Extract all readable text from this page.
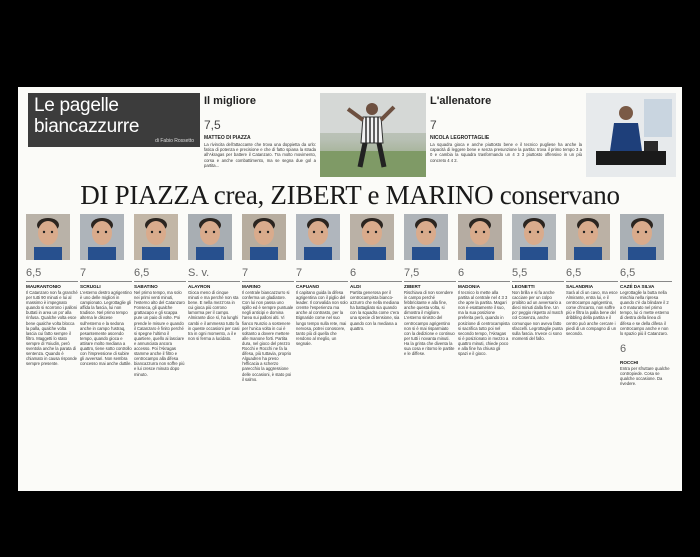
Le pagelle biancazzurre
di Fabio Rossetto
Il migliore
7,5
MATTEO DI PIAZZA
La rivincita dell'attaccante che trova una doppietta da urlo: fatica di potenza e precisione e che di fatto spiana la strada all'Akragas per battere il Catanzaro. Tra molto movimento, corsa e anche combattimento, ma se segna due gol a partita...
L'allenatore
7
NICOLA LEGROTTAGLIE
La squadra gioca e anche piuttosto bene e il tecnico pugliese ha anche la capacità di leggere bene e senza presunzione la partita: trova il primo tempo 3 a 0 e cambia la squadra trasformando un 4 3 3 piuttosto offensivo in un più concreto 4 4 2.
DI PIAZZA crea, ZIBERT e MARINO conservano
6,5
MAURANTONIO
Il Catanzaro non fa granché per tutti 90 minuti e lui al massimo è impegnato quando si scorrono i palloni buttati in area un po' alla rinfusa. Qualche volta esce bene qualche volta blocca la palla, qualche volta lascia cui fatto sempre il filtro. Maggetti lo stato sempre di Yoiudin, però sventola anche la parata di sentenza. Quando è chiamato in causa risponde sempre presente.
7
SCRUGLI
L'esterno destro agrigentino è uno delle migliori in campionato. Legrottaglie gli affida la fascia, lui non tradisce. Nel primo tempo alterna le discese sull'esterno e la sedona anche in campo l'ustraq, pesantemente ascendo tempo, quando gioca e attirare molto mediana a quattro, tiene sotto controllo con l'impressione di subire gli avversari. Non sembra concesso mai anche duttile.
6,5
SABATINO
Nel primo tempo, ma solo nei primi venti minuti, l'esterno alto del Catanzaro Fonseca, gli qualche grattacapo e gli scappa pure un paio di volte. Poi prende le misure e quando il Catanzaro è finito perché si spegne l'ultimo il quartiere, quello ai lasciare e annunciata ancora accesso. Poi l'Akragas stamme anche il filtro e centrocampo alla difesa biancazzurra non soffre più e lui cresce minuto dopo minuto.
S. v.
ALAYRON
Gioca meno di cinque minuti e ma perché non sta bene. E nella mezz'ora in cui gioca più corrono lamorma per il campo. Almirante dice sì, ha lunghi cambi e il ammesso tutto fa in queste occasioni per casi tra in ogni momento, a il e non si ferma a lucidato.
7
MARINO
Il centrale biancazzurro si conferma un gladiatore. Con lui non passa uno spillo ed è sempre puntuale negli anticipi e domina l'area sui palloni alti. Vi fianco Nunzio a sostenere per l'unica volta in cui è soltanto a dovere mettere alle manone forti. Partita dura, nel gioco del prezzo Rocchi e Rocchi ne fa la difesa, più tuttavia, proprio Alguadren ha preso l'efficacia a scherzo parecchio la aggressione delle occasioni, è stato poi il salmo.
7
CAPUANO
Il capitano guida la difesa agrigentina con il piglio del leader. Il convalida non solo cremte l'esperienza ma anche al contrasto, per la Bignaride come nel suo lungo tempo sulla rete, mai nervosa, potrei conoscere, tanto più di quella che rendono al meglio, un segnale.
6
ALDI
Partita generosa per il centrocampista bianco-azzurro che nella mediana ha battagliato sia quando con la squadra come c'era una specie di tensione, sia quando con la mediana a quattro.
7,5
ZIBERT
Rischiava di non scendere in campo perché febbricitante e alla fine, anche questa volta, si dimostra il migliore. L'esterno sinistro del centrocampo agrigentino non si è mai risparmiato con la dedizione e continuo per tutti i novanta minuti. Ha la grinta che diventa la sua cosa e ritorno le partite e le diffese.
6
MADONIA
Il tecnico lo mette alla partita al centrale nel 4 3 3 che apre la partita. Magari non è esattamente il suo, ma la sua posizione preferita però, quando in posizione di centrocampista si sacrifica tutto poi nel secondo tempo, l'Akragas si è posizionato in mezzo a quattro minuti, chiede poco e alla fine ha chiuso gli spazi e il gioco.
5,5
LEONETTI
Non brilla e si fa anche cacciare per un colpo proibito ad un avversario a dieci minuti dalla fine. Un po' peggio rispetto al match col Cosenza, anche comunque non aveva fatto sfaccelli. Legrottaglie punta sulla fascia. Invece ci sono momenti del fallo.
6,5
SALANDRIA
Sarà al di un cavo, ma esce Almirante, entra lui, e il centrocampo agrigentino, come d'incanto, non soffre più e filtra la palla bene del dribbling della partita e il centro può anche cercare i piedi di un compagno di un secondo.
6,5
CAZÉ DA SILVA
Legrottaglie la butta nella mischia nella ripresa quando c'è da blindare il 2 a 0 maturato nel primo tempo, lui ci mette esterno di destra della linea di difesa e se della difesa il centrocampo anche e non lo spazio più il Catanzaro.
6
ROCCHI
Entra per sfruttare qualche contropiede. Cosa se qualche occasione. Da rivedere.
